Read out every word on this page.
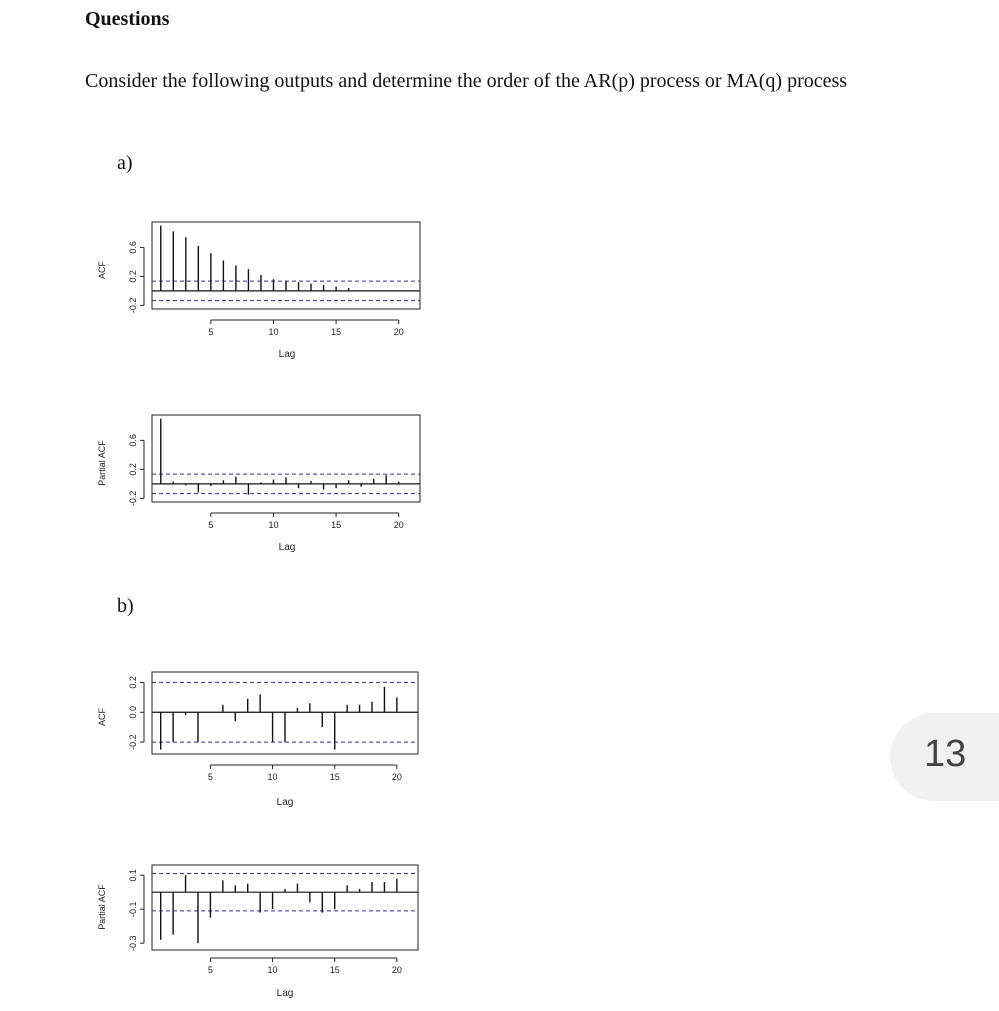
Questions
Consider the following outputs and determine the order of the AR(p) process or MA(q) process
a)
-0.2
0.2
0.6
5	10	15	20
ACF
Lag
-0.2
0.2
0.6
5	10	15	20
Partial ACF
Lag
b)
-0.2
0.0
0.2
5	10	15	20
ACF
Lag
-0.3
-0.1
0.1
5	10	15	20
Partial ACF
Lag
13
